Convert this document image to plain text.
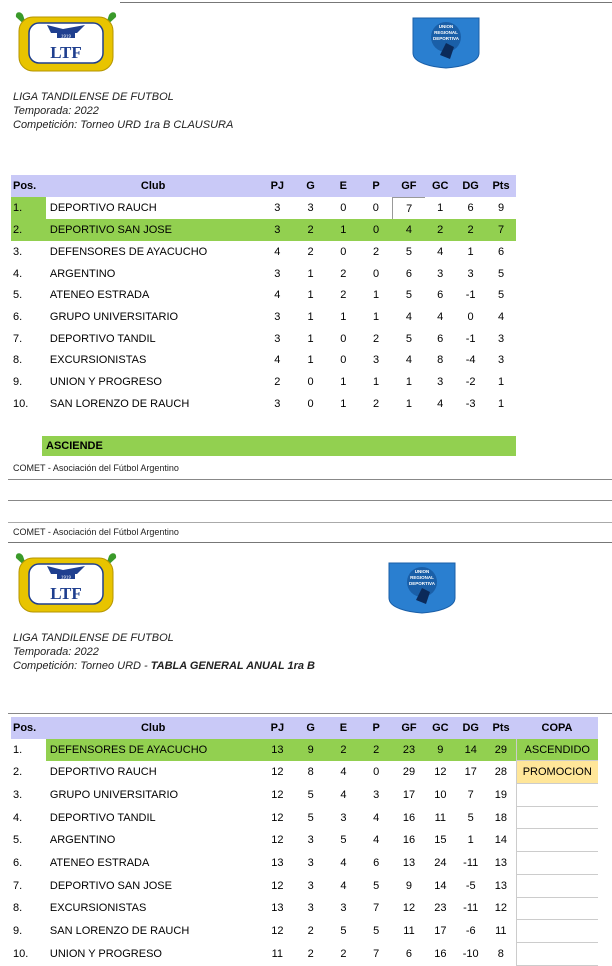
1919
LTF
UNION
REGIONAL
DEPORTIVA
LIGA TANDILENSE DE FUTBOL
Temporada: 2022
Competición: Torneo URD 1ra B CLAUSURA
Pos.	Club	PJ	G	E	P	GF	GC	DG	Pts
1.	DEPORTIVO RAUCH	3	3	0	0	7	1	6	9
2.	DEPORTIVO SAN JOSE	3	2	1	0	4	2	2	7
3.	DEFENSORES DE AYACUCHO	4	2	0	2	5	4	1	6
4.	ARGENTINO	3	1	2	0	6	3	3	5
5.	ATENEO ESTRADA	4	1	2	1	5	6	-1	5
6.	GRUPO UNIVERSITARIO	3	1	1	1	4	4	0	4
7.	DEPORTIVO TANDIL	3	1	0	2	5	6	-1	3
8.	EXCURSIONISTAS	4	1	0	3	4	8	-4	3
9.	UNION Y PROGRESO	2	0	1	1	1	3	-2	1
10.	SAN LORENZO DE RAUCH	3	0	1	2	1	4	-3	1
ASCIENDE
COMET - Asociación del Fútbol Argentino
COMET - Asociación del Fútbol Argentino
1919
LTF
UNION
REGIONAL
DEPORTIVA
LIGA TANDILENSE DE FUTBOL
Temporada: 2022
Competición: Torneo URD - TABLA GENERAL ANUAL 1ra B
Pos.	Club	PJ	G	E	P	GF	GC	DG	Pts	COPA
1.	DEFENSORES DE AYACUCHO	13	9	2	2	23	9	14	29	ASCENDIDO
2.	DEPORTIVO RAUCH	12	8	4	0	29	12	17	28	PROMOCION
3.	GRUPO UNIVERSITARIO	12	5	4	3	17	10	7	19	
4.	DEPORTIVO TANDIL	12	5	3	4	16	11	5	18	
5.	ARGENTINO	12	3	5	4	16	15	1	14	
6.	ATENEO ESTRADA	13	3	4	6	13	24	-11	13	
7.	DEPORTIVO SAN JOSE	12	3	4	5	9	14	-5	13	
8.	EXCURSIONISTAS	13	3	3	7	12	23	-11	12	
9.	SAN LORENZO DE RAUCH	12	2	5	5	11	17	-6	11	
10.	UNION Y PROGRESO	11	2	2	7	6	16	-10	8	
